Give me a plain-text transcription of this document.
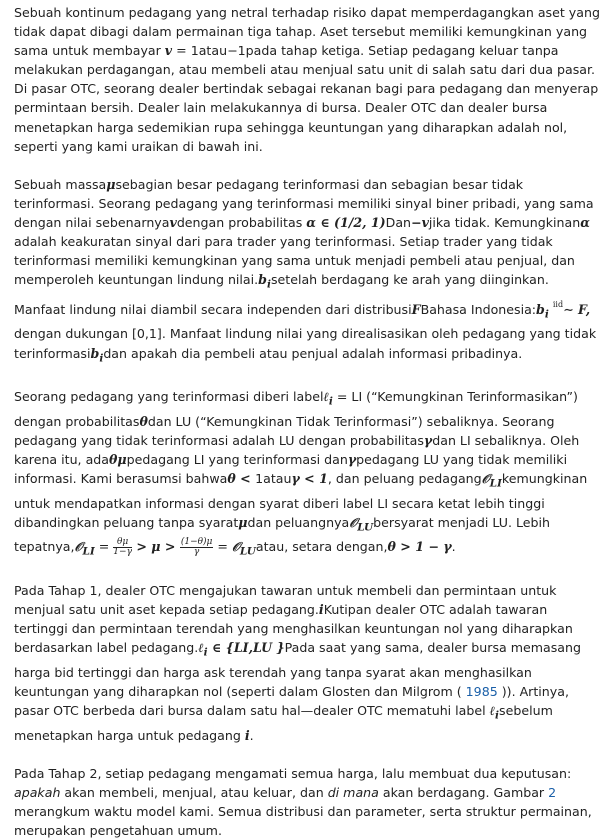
Sebuah kontinum pedagang yang netral terhadap risiko dapat memperdagangkan aset yang tidak dapat dibagi dalam permainan tiga tahap. Aset tersebut memiliki kemungkinan yang sama untuk membayar v = 1atau−1pada tahap ketiga. Setiap pedagang keluar tanpa melakukan perdagangan, atau membeli atau menjual satu unit di salah satu dari dua pasar. Di pasar OTC, seorang dealer bertindak sebagai rekanan bagi para pedagang dan menyerap permintaan bersih. Dealer lain melakukannya di bursa. Dealer OTC dan dealer bursa menetapkan harga sedemikian rupa sehingga keuntungan yang diharapkan adalah nol, seperti yang kami uraikan di bawah ini.

Sebuah massaμsebagian besar pedagang terinformasi dan sebagian besar tidak terinformasi. Seorang pedagang yang terinformasi memiliki sinyal biner pribadi, yang sama dengan nilai sebenarnyavdengan probabilitas α ∈ (1/2, 1)Dan−vjika tidak. Kemungkinanα adalah keakuratan sinyal dari para trader yang terinformasi. Setiap trader yang tidak terinformasi memiliki kemungkinan yang sama untuk menjadi pembeli atau penjual, dan memperoleh keuntungan lindung $nilai.b_isetelah$ berdagang ke arah yang diinginkan. Manfaat lindung nilai diambil secara independen dari distribusiFBahasa $Indonesia:b_i$ $^{iid}$∼ F, dengan dukungan [0,1]. Manfaat lindung nilai yang direalisasikan oleh pedagang yang tidak terinformasib$_i$dan apakah dia pembeli atau penjual adalah informasi pribadinya.

Seorang pedagang yang terinformasi diberi labelℓ$_i$ = LI (“Kemungkinan Terinformasikan”) dengan probabilitasθdan LU (“Kemungkinan Tidak Terinformasi”) sebaliknya. Seorang pedagang yang tidak terinformasi adalah LU dengan probabilitasγdan LI sebaliknya. Oleh karena itu, adaθμpedagang LI yang terinformasi danγpedagang LU yang tidak memiliki informasi. Kami berasumsi bahwaθ < 1atauγ < 1, dan peluang pedagang𝒪$_{LI}$kemungkinan untuk mendapatkan informasi dengan syarat diberi label LI secara ketat lebih tinggi dibandingkan peluang tanpa syaratμdan peluangnya𝒪$_{LU}$bersyarat menjadi LU. Lebih tepatnya,𝒪$_{LI}$ = $\frac{\theta\mu}{1-\gamma} > \mu > \frac{(1-\theta)\mu}{\gamma}$ = 𝒪$_{LU}$atau, setara dengan,θ > 1 − γ.

Pada Tahap 1, dealer OTC mengajukan tawaran untuk membeli dan permintaan untuk menjual satu unit aset kepada setiap pedagang.iKutipan dealer OTC adalah tawaran tertinggi dan permintaan terendah yang menghasilkan keuntungan nol yang diharapkan berdasarkan label pedagang.ℓ$_i$ ∈ {LI,LU }Pada saat yang sama, dealer bursa memasang harga bid tertinggi dan harga ask terendah yang tanpa syarat akan menghasilkan keuntungan yang diharapkan nol (seperti dalam Glosten dan Milgrom ( 1985 )). Artinya, pasar OTC berbeda dari bursa dalam satu hal—dealer OTC mematuhi label ℓ$_i$sebelum menetapkan harga untuk pedagang i.

Pada Tahap 2, setiap pedagang mengamati semua harga, lalu membuat dua keputusan: apakah akan membeli, menjual, atau keluar, dan di mana akan berdagang. Gambar 2 merangkum waktu model kami. Semua distribusi dan parameter, serta struktur permainan, merupakan pengetahuan umum.
